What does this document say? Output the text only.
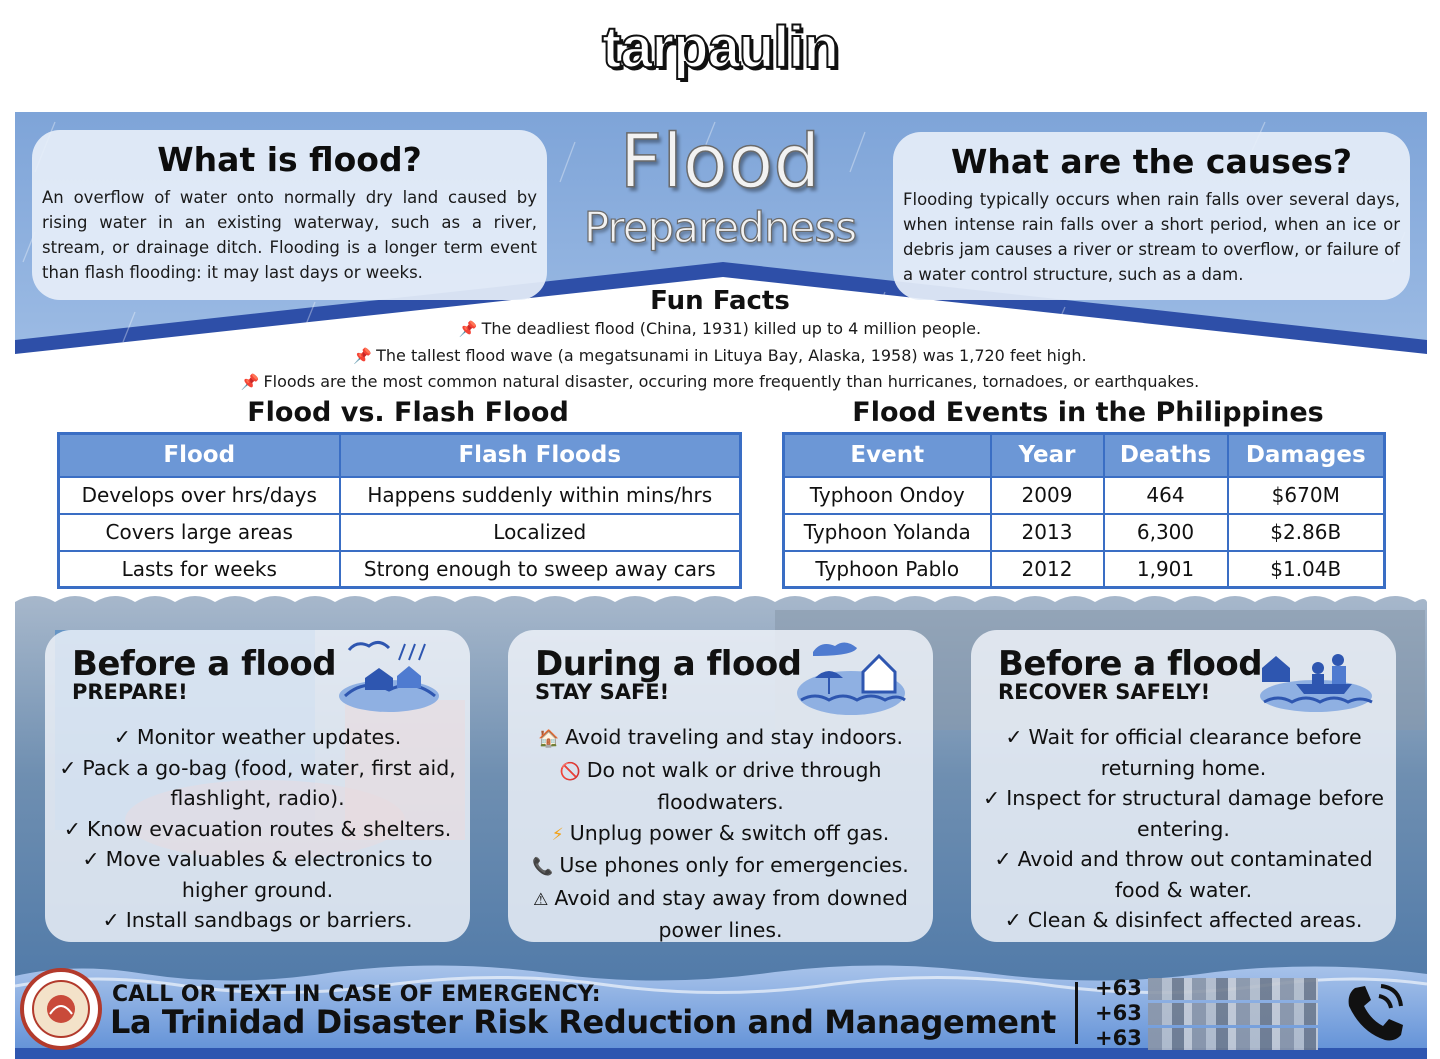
tarpaulin
What is flood?

An overflow of water onto normally dry land caused by rising water in an existing waterway, such as a river, stream, or drainage ditch. Flooding is a longer term event than flash flooding: it may last days or weeks.

Flood
Preparedness
What are the causes?

Flooding typically occurs when rain falls over several days, when intense rain falls over a short period, when an ice or debris jam causes a river or stream to overflow, or failure of a water control structure, such as a dam.

Fun Facts
📌 The deadliest flood (China, 1931) killed up to 4 million people.
📌 The tallest flood wave (a megatsunami in Lituya Bay, Alaska, 1958) was 1,720 feet high.
📌 Floods are the most common natural disaster, occuring more frequently than hurricanes, tornadoes, or earthquakes.
Flood vs. Flash Flood
Flood	Flash Floods
Develops over hrs/days	Happens suddenly within mins/hrs
Covers large areas	Localized
Lasts for weeks	Strong enough to sweep away cars
Flood Events in the Philippines
Event	Year	Deaths	Damages
Typhoon Ondoy	2009	464	$670M
Typhoon Yolanda	2013	6,300	$2.86B
Typhoon Pablo	2012	1,901	$1.04B
Before a flood
PREPARE!
✓ Monitor weather updates.
✓ Pack a go-bag (food, water, first aid, flashlight, radio).
✓ Know evacuation routes & shelters.
✓ Move valuables & electronics to higher ground.
✓ Install sandbags or barriers.
During a flood
STAY SAFE!
🏠 Avoid traveling and stay indoors.
🚫 Do not walk or drive through floodwaters.
⚡ Unplug power & switch off gas.
📞 Use phones only for emergencies.
⚠ Avoid and stay away from downed power lines.
Before a flood
RECOVER SAFELY!
✓ Wait for official clearance before returning home.
✓ Inspect for structural damage before entering.
✓ Avoid and throw out contaminated food & water.
✓ Clean & disinfect affected areas.
CALL OR TEXT IN CASE OF EMERGENCY:
La Trinidad Disaster Risk Reduction and Management
+63
+63
+63
